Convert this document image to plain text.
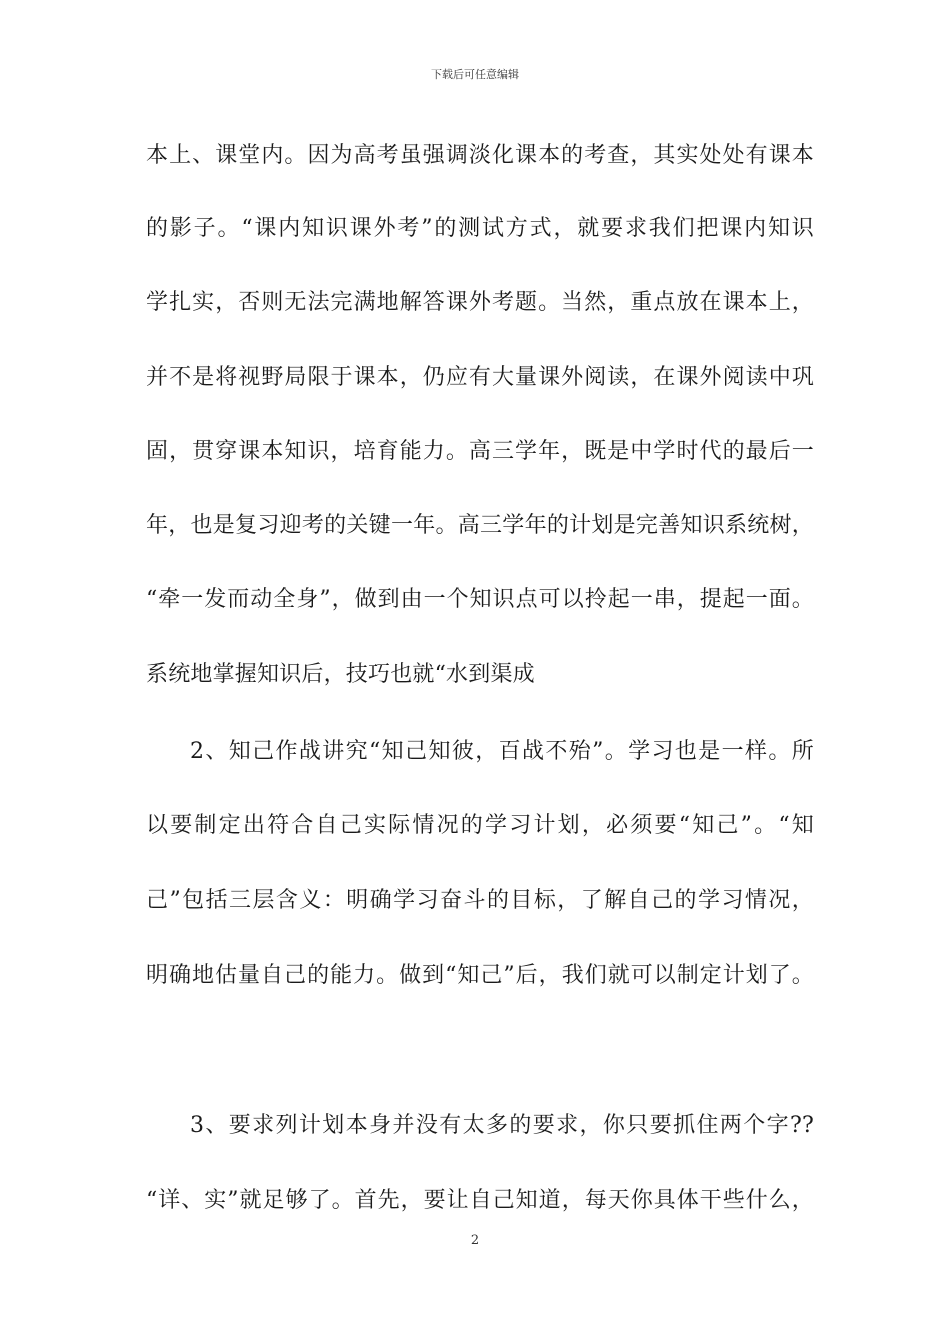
下载后可任意编辑
本上、课堂内。因为高考虽强调淡化课本的考查，其实处处有课本
的影子。“课内知识课外考”的测试方式，就要求我们把课内知识
学扎实，否则无法完满地解答课外考题。当然，重点放在课本上，
并不是将视野局限于课本，仍应有大量课外阅读，在课外阅读中巩
固，贯穿课本知识，培育能力。高三学年，既是中学时代的最后一
年，也是复习迎考的关键一年。高三学年的计划是完善知识系统树，
“牵一发而动全身”，做到由一个知识点可以拎起一串，提起一面。
系统地掌握知识后，技巧也就“水到渠成
2、知己作战讲究“知己知彼，百战不殆”。学习也是一样。所
以要制定出符合自己实际情况的学习计划，必须要“知己”。“知
己”包括三层含义：明确学习奋斗的目标，了解自己的学习情况，
明确地估量自己的能力。做到“知己”后，我们就可以制定计划了。
3、要求列计划本身并没有太多的要求，你只要抓住两个字??
“详、实”就足够了。首先，要让自己知道，每天你具体干些什么，
2
